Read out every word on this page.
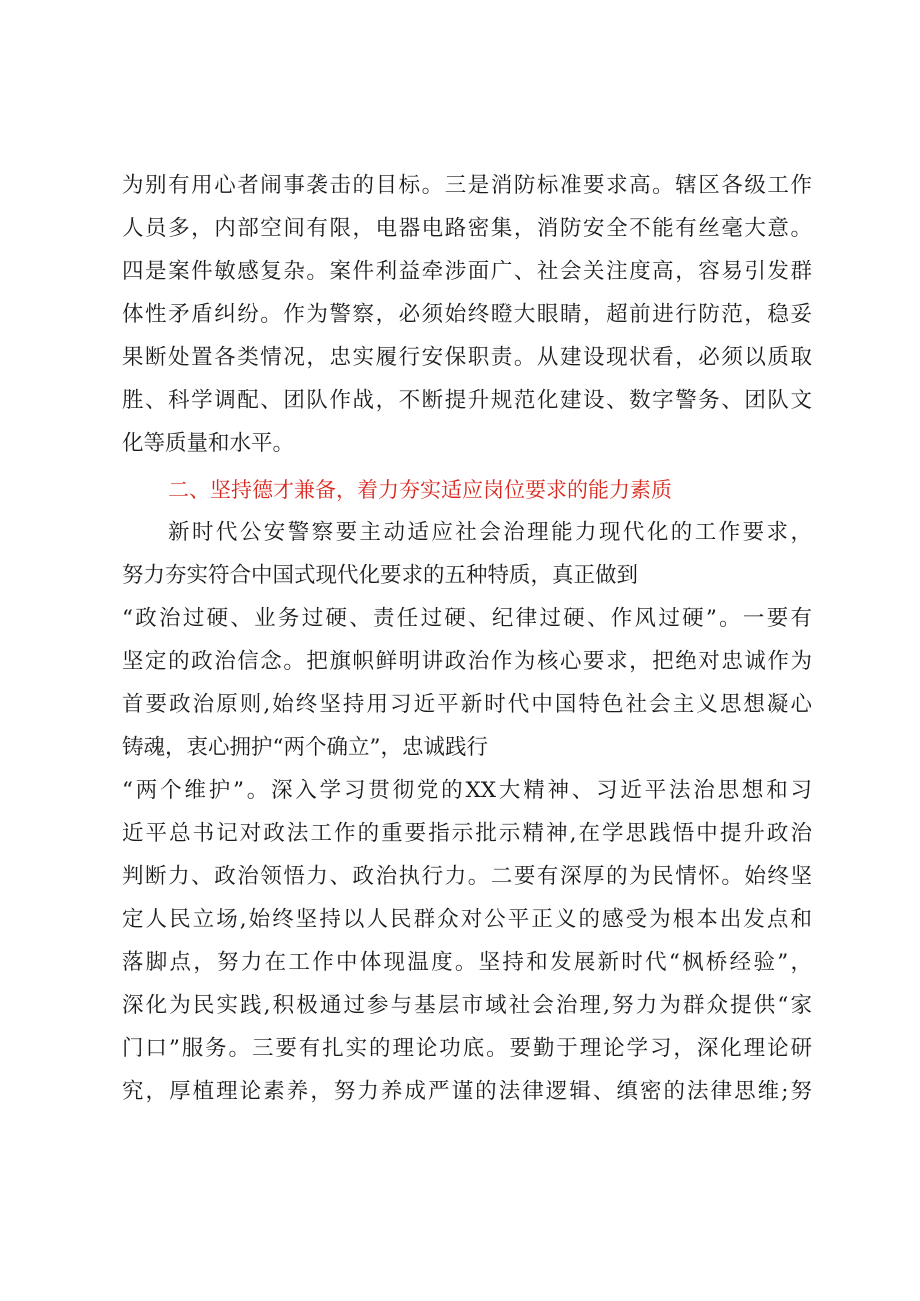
为别有用心者闹事袭击的目标。三是消防标准要求高。辖区各级工作
人员多，内部空间有限，电器电路密集，消防安全不能有丝毫大意。
四是案件敏感复杂。案件利益牵涉面广、社会关注度高，容易引发群
体性矛盾纠纷。作为警察，必须始终瞪大眼睛，超前进行防范，稳妥
果断处置各类情况，忠实履行安保职责。从建设现状看，必须以质取
胜、科学调配、团队作战，不断提升规范化建设、数字警务、团队文
化等质量和水平。
二、坚持德才兼备，着力夯实适应岗位要求的能力素质
新时代公安警察要主动适应社会治理能力现代化的工作要求，
努力夯实符合中国式现代化要求的五种特质，真正做到
“政治过硬、业务过硬、责任过硬、纪律过硬、作风过硬”。一要有
坚定的政治信念。把旗帜鲜明讲政治作为核心要求，把绝对忠诚作为
首要政治原则,始终坚持用习近平新时代中国特色社会主义思想凝心
铸魂，衷心拥护“两个确立”，忠诚践行
“两个维护”。深入学习贯彻党的XX大精神、习近平法治思想和习
近平总书记对政法工作的重要指示批示精神,在学思践悟中提升政治
判断力、政治领悟力、政治执行力。二要有深厚的为民情怀。始终坚
定人民立场,始终坚持以人民群众对公平正义的感受为根本出发点和
落脚点，努力在工作中体现温度。坚持和发展新时代“枫桥经验”，
深化为民实践,积极通过参与基层市域社会治理,努力为群众提供“家
门口”服务。三要有扎实的理论功底。要勤于理论学习，深化理论研
究，厚植理论素养，努力养成严谨的法律逻辑、缜密的法律思维;努
